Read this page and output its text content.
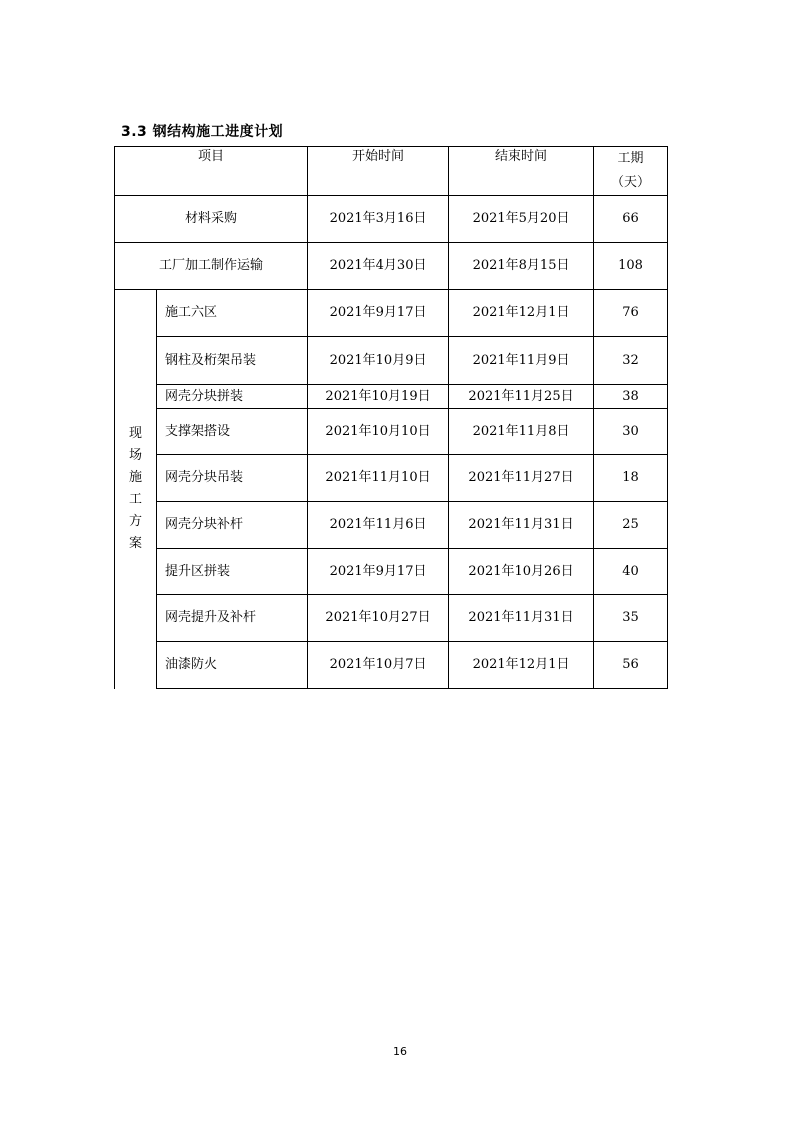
3.3 钢结构施工进度计划
项目		开始时间	结束时间	工期
（天）

材料采购		2021年3月16日	2021年5月20日	66
工厂加工制作运输		2021年4月30日	2021年8月15日	108
现场施工方案	施工六区	2021年9月17日	2021年12月1日	76
	钢柱及桁架吊装	2021年10月9日	2021年11月9日	32
	网壳分块拼装	2021年10月19日	2021年11月25日	38
	支撑架搭设	2021年10月10日	2021年11月8日	30
	网壳分块吊装	2021年11月10日	2021年11月27日	18
	网壳分块补杆	2021年11月6日	2021年11月31日	25
	提升区拼装	2021年9月17日	2021年10月26日	40
	网壳提升及补杆	2021年10月27日	2021年11月31日	35
	油漆防火	2021年10月7日	2021年12月1日	56
16
